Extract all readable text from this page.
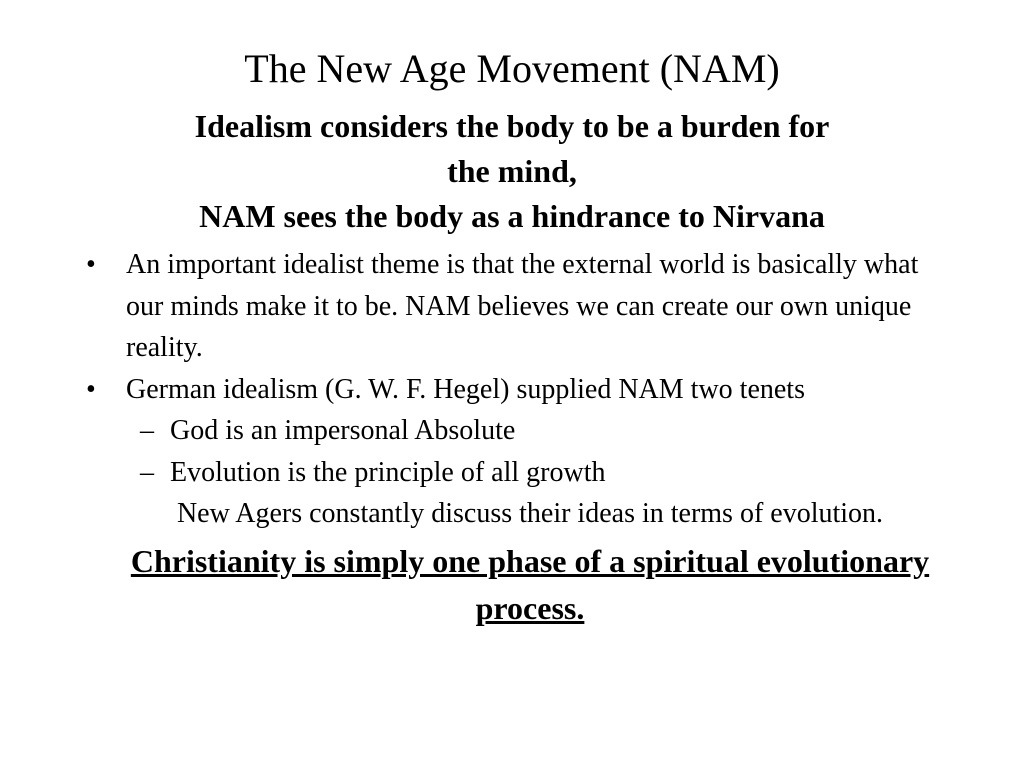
The New Age Movement (NAM)
Idealism considers the body to be a burden for
the mind,
NAM sees the body as a hindrance to Nirvana
• An important idealist theme is that the external world is basically what our minds make it to be. NAM believes we can create our own unique reality.
• German idealism (G. W. F. Hegel) supplied NAM two tenets
– God is an impersonal Absolute
– Evolution is the principle of all growth
New Agers constantly discuss their ideas in terms of evolution.
Christianity is simply one phase of a spiritual evolutionary process.
